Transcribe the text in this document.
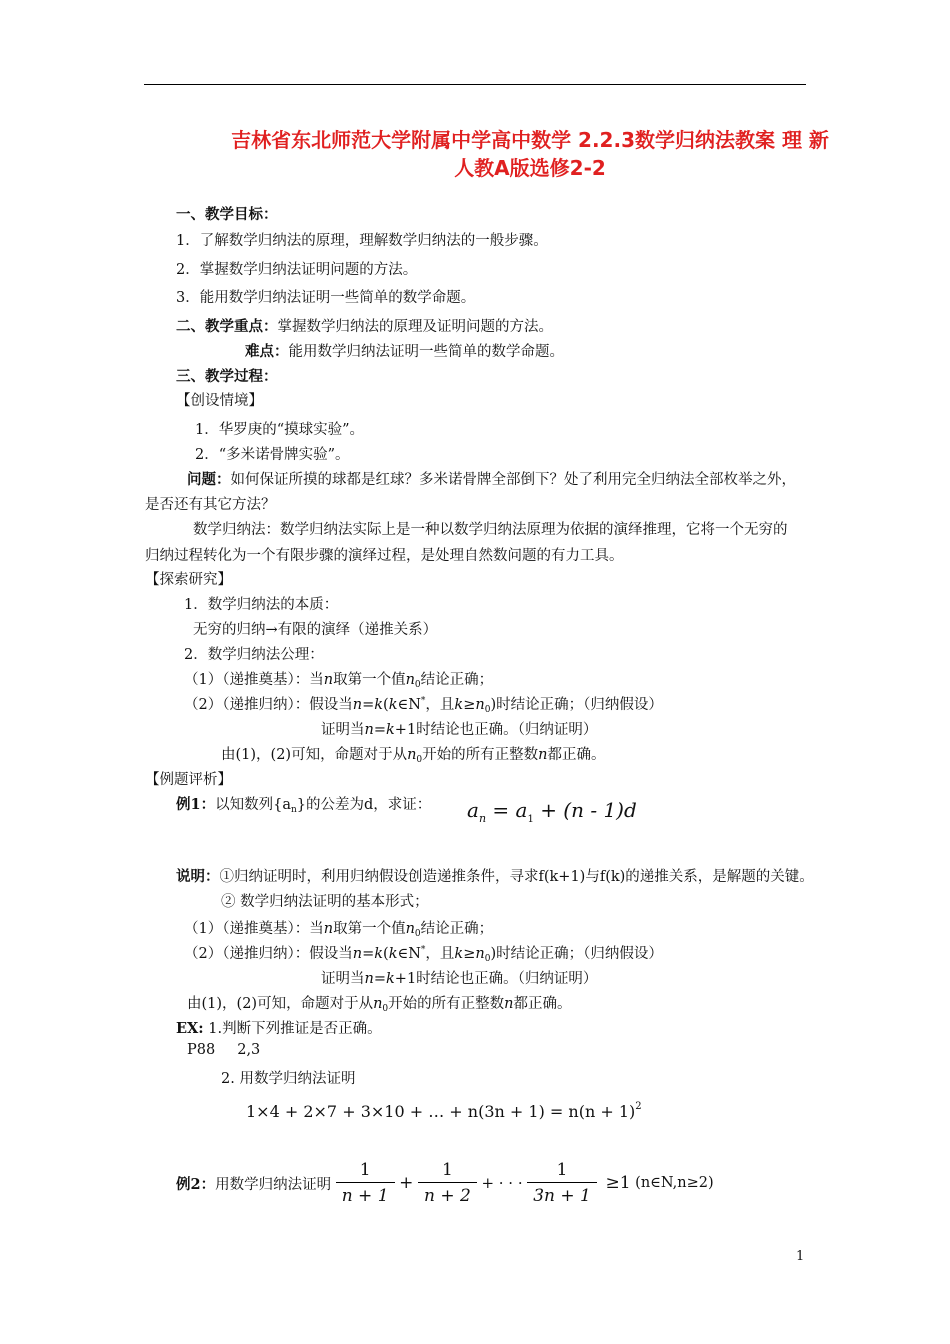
吉林省东北师范大学附属中学高中数学 2.2.3数学归纳法教案 理 新
人教A版选修2-2
一、教学目标：
1．了解数学归纳法的原理，理解数学归纳法的一般步骤。
2．掌握数学归纳法证明问题的方法。
3．能用数学归纳法证明一些简单的数学命题。
二、教学重点：掌握数学归纳法的原理及证明问题的方法。
难点：能用数学归纳法证明一些简单的数学命题。
三、教学过程：
【创设情境】
1．华罗庚的“摸球实验”。
2．“多米诺骨牌实验”。
问题：如何保证所摸的球都是红球？多米诺骨牌全部倒下？处了利用完全归纳法全部枚举之外，
是否还有其它方法？
数学归纳法：数学归纳法实际上是一种以数学归纳法原理为依据的演绎推理，它将一个无穷的
归纳过程转化为一个有限步骤的演绎过程，是处理自然数问题的有力工具。
【探索研究】
1．数学归纳法的本质：
无穷的归纳→有限的演绎（递推关系）
2．数学归纳法公理：
（1）（递推奠基）：当n取第一个值$n_0$结论正确；
（2）（递推归纳）：假设当n=k(k∈N*，且$k\ge n_0$)时结论正确；（归纳假设）
证明当n=k+1时结论也正确。（归纳证明）
由(1)，(2)可知，命题对于从$n_0$开始的所有正整数n都正确。
【例题评析】
例1：以知数列$\{a_n\}$的公差为d，求证： $a_n = a_1 + (n - 1)d$
说明：①归纳证明时，利用归纳假设创造递推条件，寻求f(k+1)与f(k)的递推关系，是解题的关键。
② 数学归纳法证明的基本形式；
（1）（递推奠基）：当n取第一个值$n_0$结论正确；
（2）（递推归纳）：假设当n=k(k∈N*，且$k\ge n_0$)时结论正确；（归纳假设）
证明当n=k+1时结论也正确。（归纳证明）
由(1)，(2)可知，命题对于从$n_0$开始的所有正整数n都正确。
EX: 1.判断下列推证是否正确。
P88 2,3
2. 用数学归纳法证明
1×4 + 2×7 + 3×10 + … + $n(3n + 1) = n(n + 1)^2$
例2：用数学归纳法证明 $\frac{1}{n + 1} + \frac{1}{n + 2}$ + · · · $\frac{1}{3n + 1} \ge 1$ (n∈N,n≥2)
1
